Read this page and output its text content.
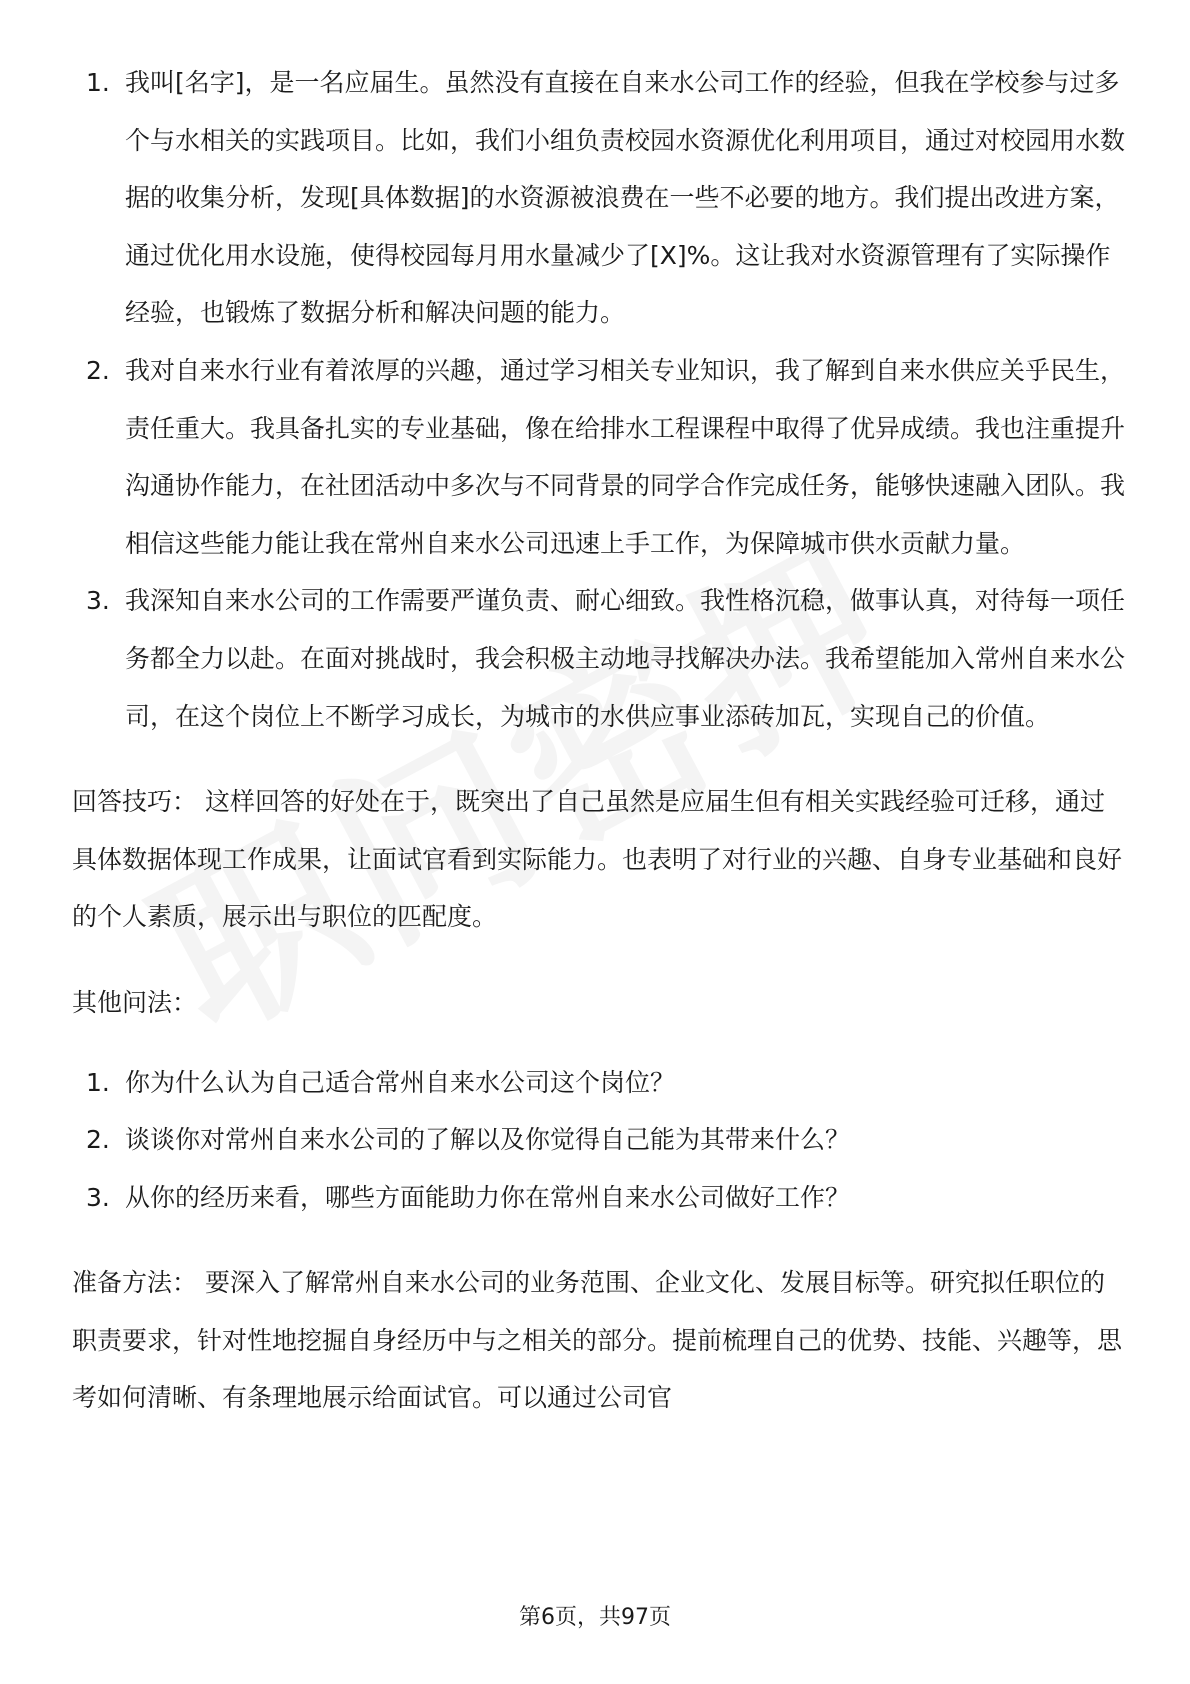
1. 我叫[名字]，是一名应届生。虽然没有直接在自来水公司工作的经验，但我在学校参与过多个与水相关的实践项目。比如，我们小组负责校园水资源优化利用项目，通过对校园用水数据的收集分析，发现[具体数据]的水资源被浪费在一些不必要的地方。我们提出改进方案，通过优化用水设施，使得校园每月用水量减少了[X]%。这让我对水资源管理有了实际操作经验，也锻炼了数据分析和解决问题的能力。
2. 我对自来水行业有着浓厚的兴趣，通过学习相关专业知识，我了解到自来水供应关乎民生，责任重大。我具备扎实的专业基础，像在给排水工程课程中取得了优异成绩。我也注重提升沟通协作能力，在社团活动中多次与不同背景的同学合作完成任务，能够快速融入团队。我相信这些能力能让我在常州自来水公司迅速上手工作，为保障城市供水贡献力量。
3. 我深知自来水公司的工作需要严谨负责、耐心细致。我性格沉稳，做事认真，对待每一项任务都全力以赴。在面对挑战时，我会积极主动地寻找解决办法。我希望能加入常州自来水公司，在这个岗位上不断学习成长，为城市的水供应事业添砖加瓦，实现自己的价值。

回答技巧： 这样回答的好处在于，既突出了自己虽然是应届生但有相关实践经验可迁移，通过具体数据体现工作成果，让面试官看到实际能力。也表明了对行业的兴趣、自身专业基础和良好的个人素质，展示出与职位的匹配度。

其他问法：

1. 你为什么认为自己适合常州自来水公司这个岗位？
2. 谈谈你对常州自来水公司的了解以及你觉得自己能为其带来什么？
3. 从你的经历来看，哪些方面能助力你在常州自来水公司做好工作？

准备方法： 要深入了解常州自来水公司的业务范围、企业文化、发展目标等。研究拟任职位的职责要求，针对性地挖掘自身经历中与之相关的部分。提前梳理自己的优势、技能、兴趣等，思考如何清晰、有条理地展示给面试官。可以通过公司官

第6页，共97页
